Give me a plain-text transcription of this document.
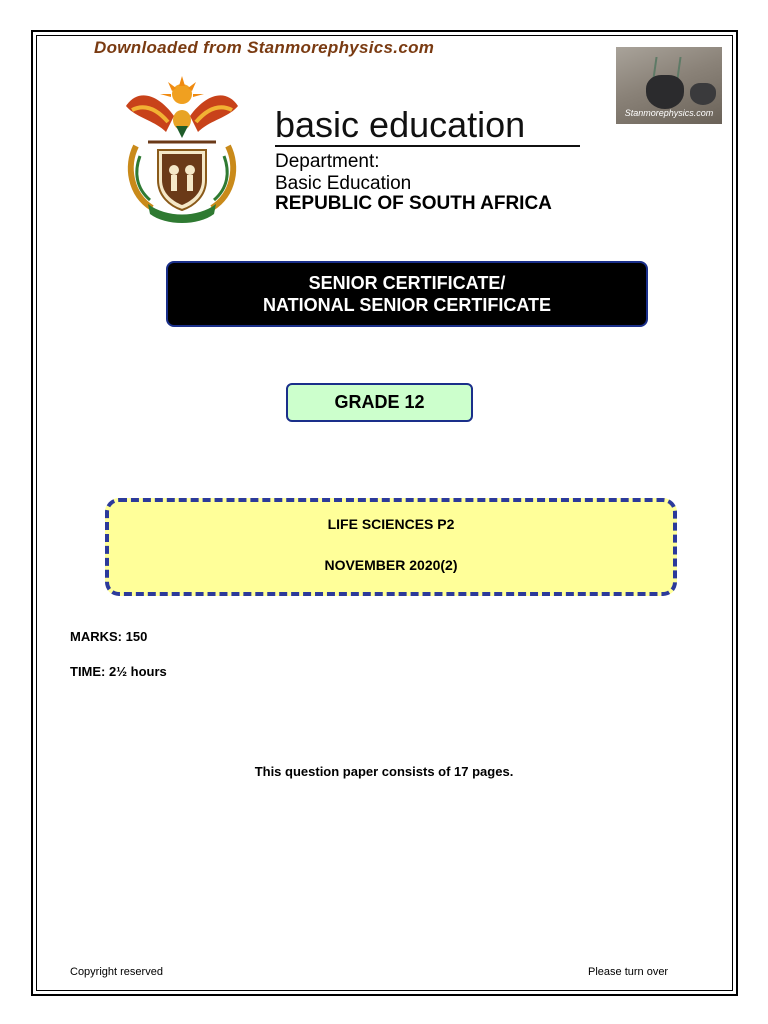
Downloaded from Stanmorephysics.com
Stanmorephysics.com
basic education
Department:
Basic Education
REPUBLIC OF SOUTH AFRICA
SENIOR CERTIFICATE/
NATIONAL SENIOR CERTIFICATE
GRADE 12
LIFE SCIENCES P2
NOVEMBER 2020(2)
MARKS: 150
TIME: 2½ hours
This question paper consists of 17 pages.
Copyright reserved	Please turn over
